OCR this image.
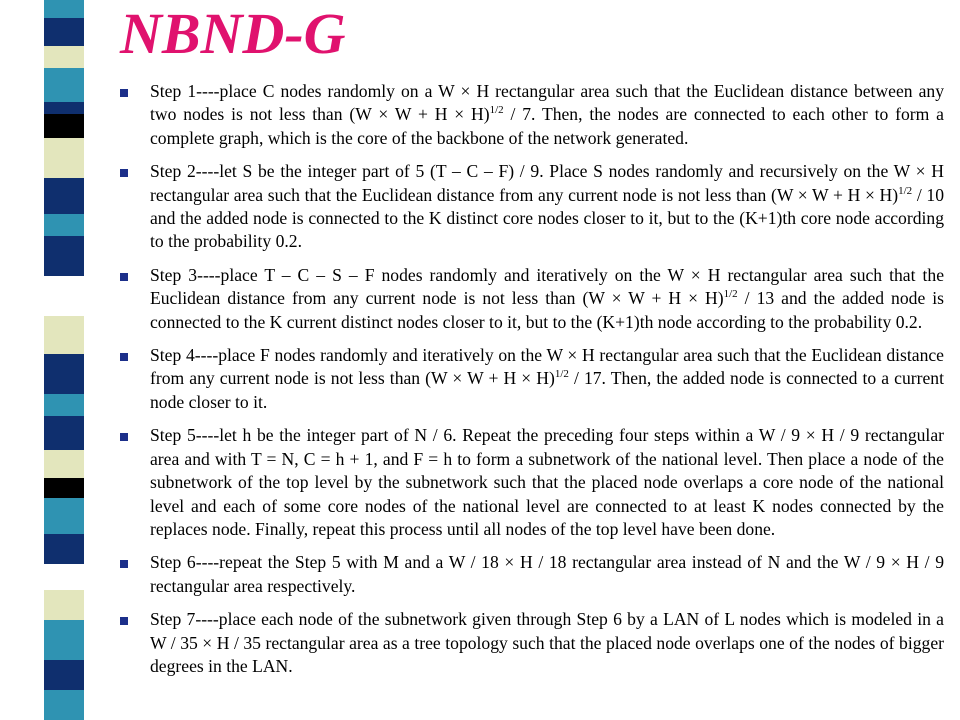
NBND-G
Step 1----place C nodes randomly on a W × H rectangular area such that the Euclidean distance between any two nodes is not less than $(W \times W + H \times H)^{1/2} / 7$. Then, the nodes are connected to each other to form a complete graph, which is the core of the backbone of the network generated.
Step 2----let S be the integer part of 5 (T – C – F) / 9. Place S nodes randomly and recursively on the W × H rectangular area such that the Euclidean distance from any current node is not less than $(W \times W + H \times H)^{1/2} / 10$ and the added node is connected to the K distinct core nodes closer to it, but to the (K+1)th core node according to the probability 0.2.
Step 3----place T – C – S – F nodes randomly and iteratively on the W × H rectangular area such that the Euclidean distance from any current node is not less than $(W \times W + H \times H)^{1/2} / 13$ and the added node is connected to the K current distinct nodes closer to it, but to the (K+1)th node according to the probability 0.2.
Step 4----place F nodes randomly and iteratively on the W × H rectangular area such that the Euclidean distance from any current node is not less than $(W \times W + H \times H)^{1/2} / 17$. Then, the added node is connected to a current node closer to it.
Step 5----let h be the integer part of N / 6. Repeat the preceding four steps within a W / 9 × H / 9 rectangular area and with T = N, C = h + 1, and F = h to form a subnetwork of the national level. Then place a node of the subnetwork of the top level by the subnetwork such that the placed node overlaps a core node of the national level and each of some core nodes of the national level are connected to at least K nodes connected by the replaces node. Finally, repeat this process until all nodes of the top level have been done.
Step 6----repeat the Step 5 with M and a W / 18 × H / 18 rectangular area instead of N and the W / 9 × H / 9 rectangular area respectively.
Step 7----place each node of the subnetwork given through Step 6 by a LAN of L nodes which is modeled in a W / 35 × H / 35 rectangular area as a tree topology such that the placed node overlaps one of the nodes of bigger degrees in the LAN.
